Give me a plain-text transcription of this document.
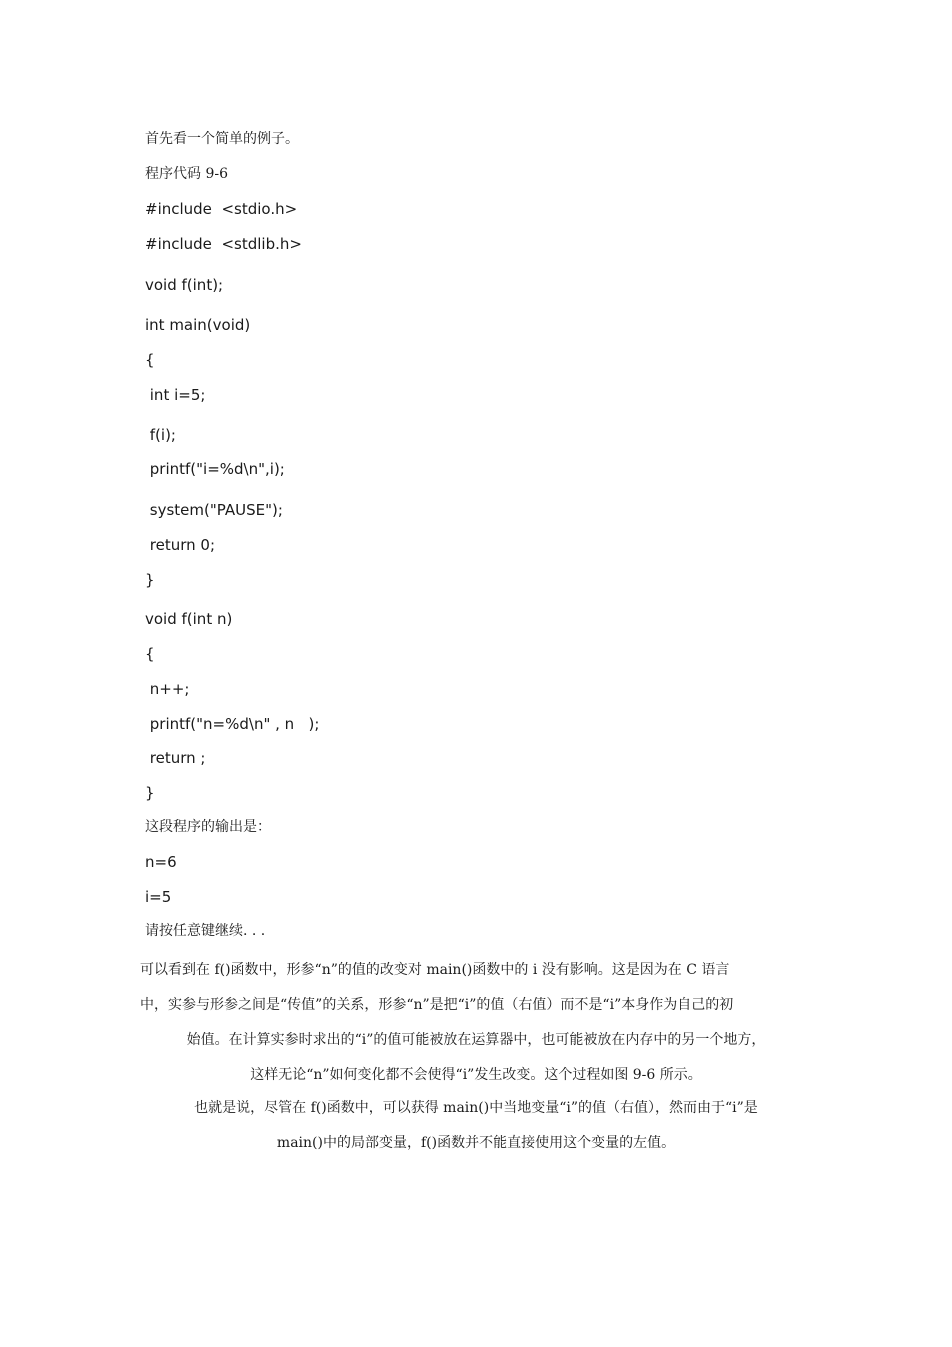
首先看一个简单的例子。
程序代码 9-6
#include  <stdio.h>
#include  <stdlib.h>
void f(int);
int main(void)
{
int i=5;
f(i);
printf("i=%d\n",i);
system("PAUSE");
return 0;
}
void f(int n)
{
n++;
printf("n=%d\n" , n   );
return ;
}
这段程序的输出是：
n=6
i=5
请按任意键继续. . .
可以看到在 f()函数中，形参“n”的值的改变对 main()函数中的 i 没有影响。这是因为在 C 语言
中，实参与形参之间是“传值”的关系，形参“n”是把“i”的值（右值）而不是“i”本身作为自己的初
始值。在计算实参时求出的“i”的值可能被放在运算器中，也可能被放在内存中的另一个地方，
这样无论“n”如何变化都不会使得“i”发生改变。这个过程如图 9-6 所示。
也就是说，尽管在 f()函数中，可以获得 main()中当地变量“i”的值（右值），然而由于“i”是
main()中的局部变量，f()函数并不能直接使用这个变量的左值。
